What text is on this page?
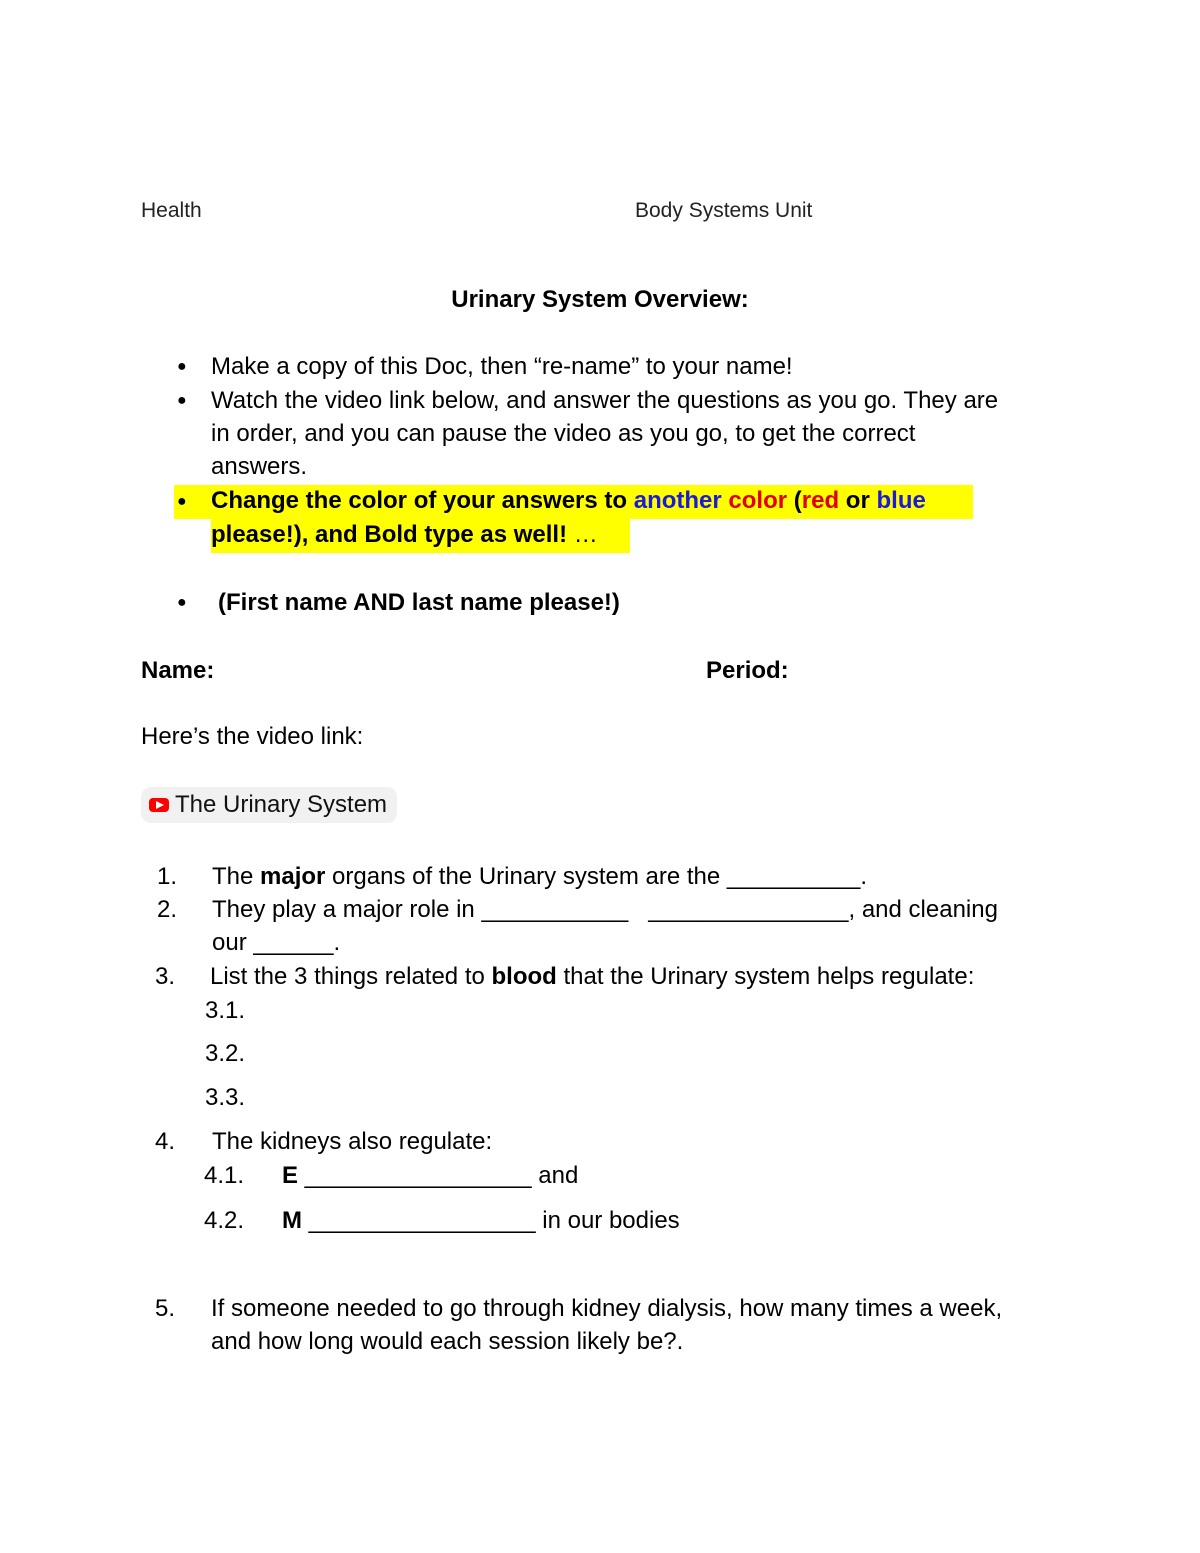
Health	Body Systems Unit
Urinary System Overview:
● Make a copy of this Doc, then “re-name” to your name!
● Watch the video link below, and answer the questions as you go. They are
in order, and you can pause the video as you go, to get the correct
answers.
● Change the color of your answers to another color (red or blue
please!), and Bold type as well! …
● (First name AND last name please!)
Name:	Period:
Here’s the video link:
The Urinary System
1. The major organs of the Urinary system are the __________.
2. They play a major role in ___________   _______________, and cleaning
our ______.
3. List the 3 things related to blood that the Urinary system helps regulate:
3.1.
3.2.
3.3.
4. The kidneys also regulate:
4.1. E _________________ and
4.2. M _________________ in our bodies
5. If someone needed to go through kidney dialysis, how many times a week,
and how long would each session likely be?.
